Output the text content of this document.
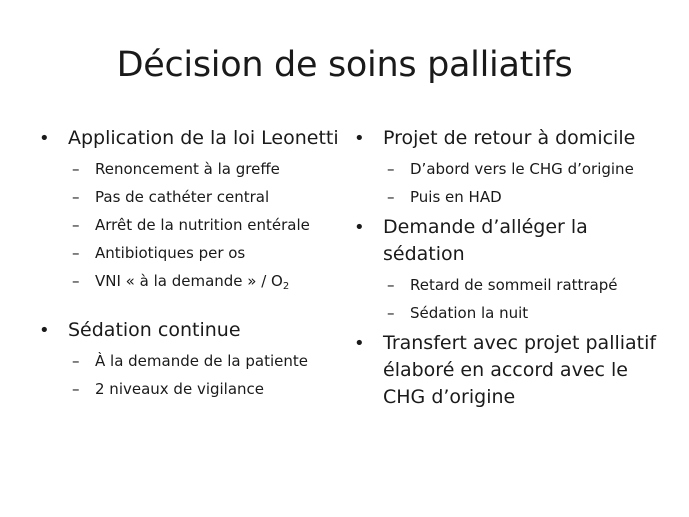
Décision de soins palliatifs
• Application de la loi Leonetti
– Renoncement à la greffe
– Pas de cathéter central
– Arrêt de la nutrition entérale
– Antibiotiques per os
– VNI « à la demande » / $O_2$
• Sédation continue
– À la demande de la patiente
– 2 niveaux de vigilance
• Projet de retour à domicile
– D’abord vers le CHG d’origine
– Puis en HAD
• Demande d’alléger la
sédation
– Retard de sommeil rattrapé
– Sédation la nuit
• Transfert avec projet palliatif
élaboré en accord avec le
CHG d’origine
